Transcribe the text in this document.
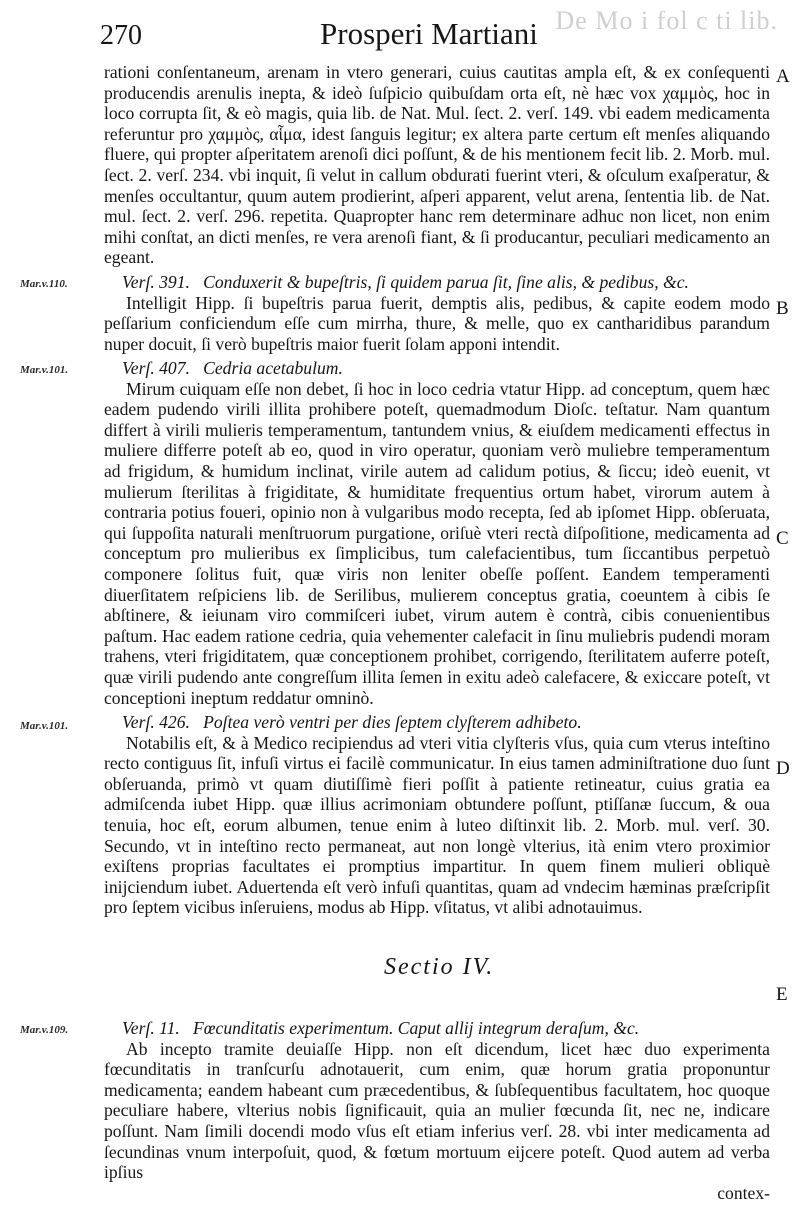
De Mo i fol c ti lib.
270	Prosperi Martiani
A
B
C
D
E
Mar.v.110.
Mar.v.101.
Mar.v.101.
Mar.v.109.

rationi conſentaneum, arenam in vtero generari, cuius cautitas ampla eſt, & ex conſequenti producendis arenulis inepta, & ideò ſuſpicio quibuſdam orta eſt, nè hæc vox χαμμὸς, hoc in loco corrupta ſit, & eò magis, quia lib. de Nat. Mul. ſect. 2. verſ. 149. vbi eadem medicamenta referuntur pro χαμμὸς, αἷμα, idest ſanguis legitur; ex altera parte certum eſt menſes aliquando fluere, qui propter aſperitatem arenoſi dici poſſunt, & de his mentionem fecit lib. 2. Morb. mul. ſect. 2. verſ. 234. vbi inquit, ſi velut in callum obdurati fuerint vteri, & oſculum exaſperatur, & menſes occultantur, quum autem prodierint, aſperi apparent, velut arena, ſententia lib. de Nat. mul. ſect. 2. verſ. 296. repetita. Quapropter hanc rem determinare adhuc non licet, non enim mihi conſtat, an dicti menſes, re vera arenoſi fiant, & ſi producantur, peculiari medicamento an egeant.

Verſ. 391. Conduxerit & bupeſtris, ſi quidem parua ſit, ſine alis, & pedibus, &c.

Intelligit Hipp. ſi bupeſtris parua fuerit, demptis alis, pedibus, & capite eodem modo peſſarium conficiendum eſſe cum mirrha, thure, & melle, quo ex cantharidibus parandum nuper docuit, ſi verò bupeſtris maior fuerit ſolam apponi intendit.

Verſ. 407. Cedria acetabulum.

Mirum cuiquam eſſe non debet, ſi hoc in loco cedria vtatur Hipp. ad conceptum, quem hæc eadem pudendo virili illita prohibere poteſt, quemadmodum Dioſc. teſtatur. Nam quantum differt à virili mulieris temperamentum, tantundem vnius, & eiuſdem medicamenti effectus in muliere differre poteſt ab eo, quod in viro operatur, quoniam verò muliebre temperamentum ad frigidum, & humidum inclinat, virile autem ad calidum potius, & ſiccu; ideò euenit, vt mulierum ſterilitas à frigiditate, & humiditate frequentius ortum habet, virorum autem à contraria potius foueri, opinio non à vulgaribus modo recepta, ſed ab ipſomet Hipp. obſeruata, qui ſuppoſita naturali menſtruorum purgatione, oriſuè vteri rectà diſpoſitione, medicamenta ad conceptum pro mulieribus ex ſimplicibus, tum calefacientibus, tum ſiccantibus perpetuò componere ſolitus fuit, quæ viris non leniter obeſſe poſſent. Eandem temperamenti diuerſitatem reſpiciens lib. de Serilibus, mulierem conceptus gratia, coeuntem à cibis ſe abſtinere, & ieiunam viro commiſceri iubet, virum autem è contrà, cibis conuenientibus paſtum. Hac eadem ratione cedria, quia vehementer calefacit in ſinu muliebris pudendi moram trahens, vteri frigiditatem, quæ conceptionem prohibet, corrigendo, ſterilitatem auferre poteſt, quæ virili pudendo ante congreſſum illita ſemen in exitu adeò calefacere, & exiccare poteſt, vt conceptioni ineptum reddatur omninò.

Verſ. 426. Poſtea verò ventri per dies ſeptem clyſterem adhibeto.

Notabilis eſt, & à Medico recipiendus ad vteri vitia clyſteris vſus, quia cum vterus inteſtino recto contiguus ſit, infuſi virtus ei facilè communicatur. In eius tamen adminiſtratione duo ſunt obſeruanda, primò vt quam diutiſſimè fieri poſſit à patiente retineatur, cuius gratia ea admiſcenda iubet Hipp. quæ illius acrimoniam obtundere poſſunt, ptiſſanæ ſuccum, & oua tenuia, hoc eſt, eorum albumen, tenue enim à luteo diſtinxit lib. 2. Morb. mul. verſ. 30. Secundo, vt in inteſtino recto permaneat, aut non longè vlterius, ità enim vtero proximior exiſtens proprias facultates ei promptius impartitur. In quem finem mulieri obliquè inijciendum iubet. Aduertenda eſt verò infuſi quantitas, quam ad vndecim hæminas præſcripſit pro ſeptem vicibus inſeruiens, modus ab Hipp. vſitatus, vt alibi adnotauimus.

Sectio IV.

Verſ. 11. Fœcunditatis experimentum. Caput allij integrum deraſum, &c.

Ab incepto tramite deuiaſſe Hipp. non eſt dicendum, licet hæc duo experimenta fœcunditatis in tranſcurſu adnotauerit, cum enim, quæ horum gratia proponuntur medicamenta; eandem habeant cum præcedentibus, & ſubſequentibus facultatem, hoc quoque peculiare habere, vlterius nobis ſignificauit, quia an mulier fœcunda ſit, nec ne, indicare poſſunt. Nam ſimili docendi modo vſus eſt etiam inferius verſ. 28. vbi inter medicamenta ad ſecundinas vnum interpoſuit, quod, & fœtum mortuum eijcere poteſt. Quod autem ad verba ipſius

contex-
